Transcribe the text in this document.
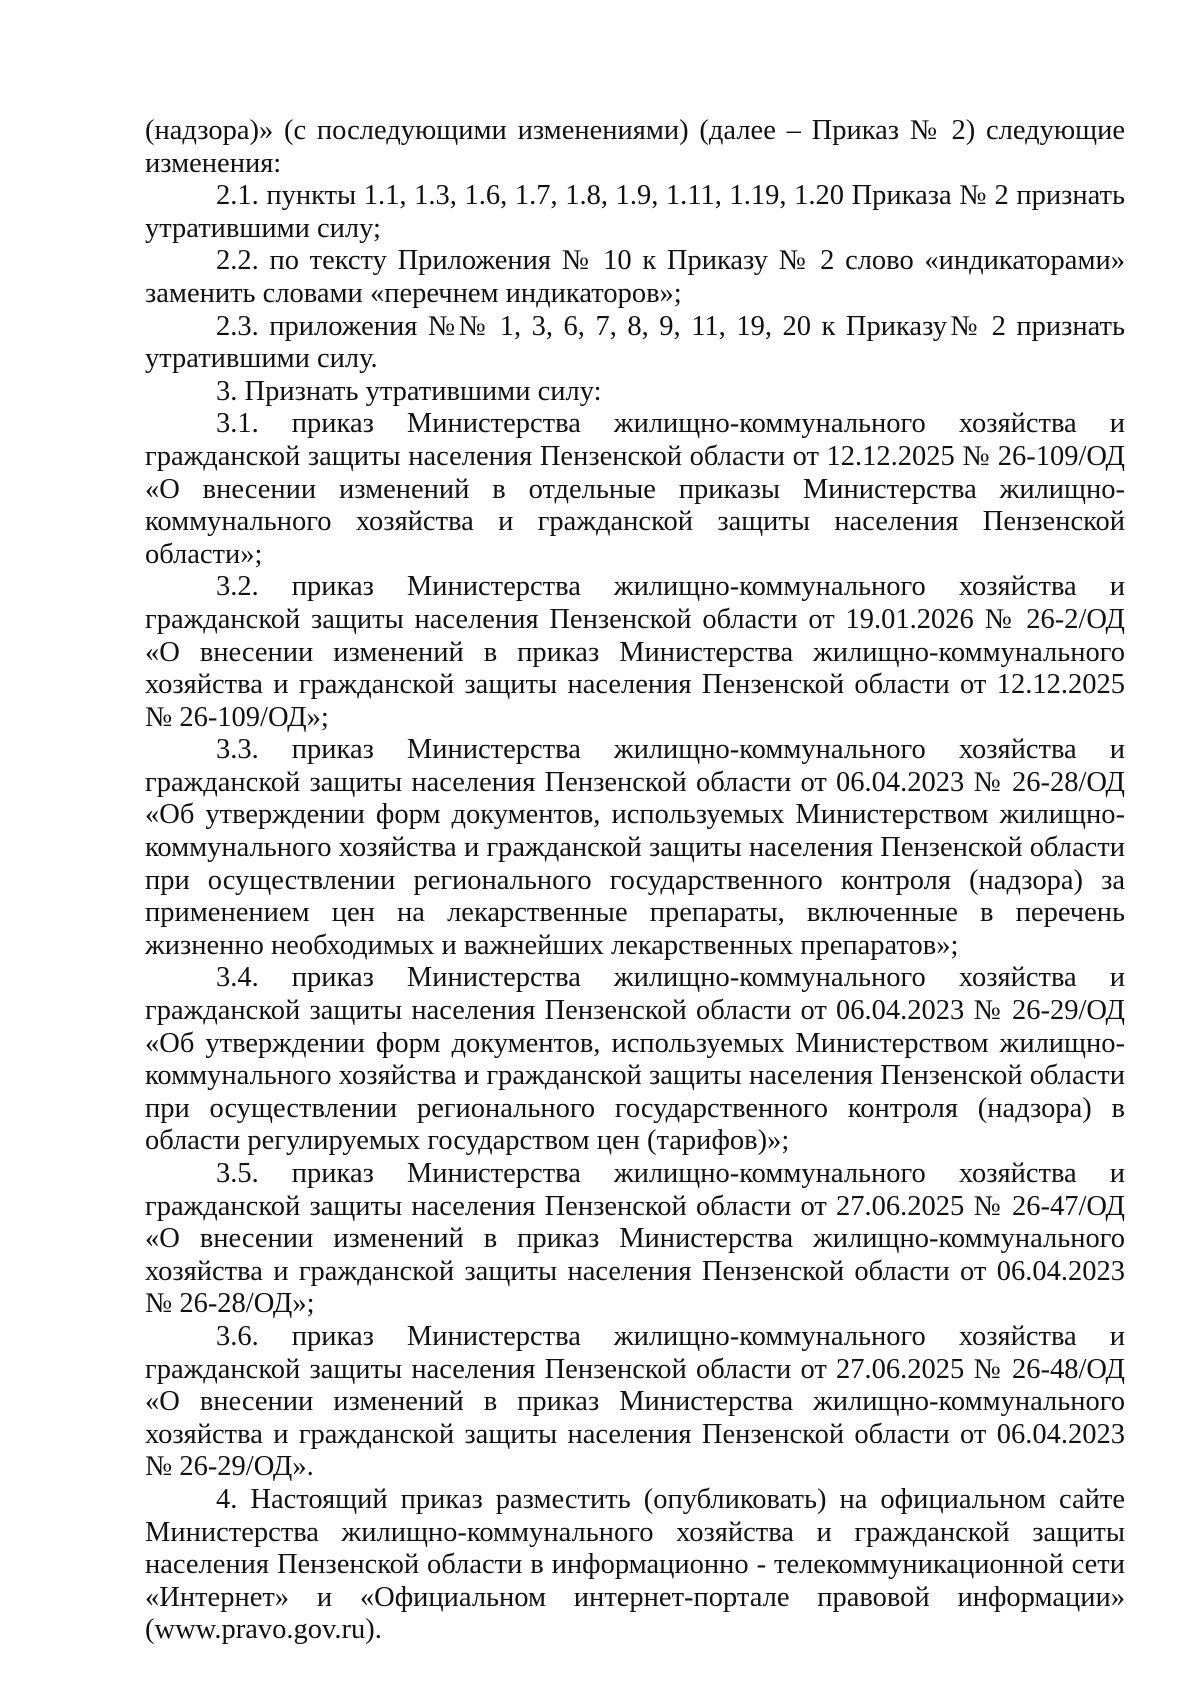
(надзора)» (с последующими изменениями) (далее – Приказ № 2) следующие изменения:

2.1. пункты 1.1, 1.3, 1.6, 1.7, 1.8, 1.9, 1.11, 1.19, 1.20 Приказа № 2 признать утратившими силу;

2.2. по тексту Приложения № 10 к Приказу № 2 слово «индикаторами» заменить словами «перечнем индикаторов»;

2.3. приложения №№ 1, 3, 6, 7, 8, 9, 11, 19, 20 к Приказу№ 2 признать утратившими силу.

3. Признать утратившими силу:

3.1. приказ Министерства жилищно-коммунального хозяйства и гражданской защиты населения Пензенской области от 12.12.2025 № 26-109/ОД «О внесении изменений в отдельные приказы Министерства жилищно-коммунального хозяйства и гражданской защиты населения Пензенской области»;

3.2. приказ Министерства жилищно-коммунального хозяйства и гражданской защиты населения Пензенской области от 19.01.2026 № 26-2/ОД «О внесении изменений в приказ Министерства жилищно-коммунального хозяйства и гражданской защиты населения Пензенской области от 12.12.2025 № 26-109/ОД»;

3.3. приказ Министерства жилищно-коммунального хозяйства и гражданской защиты населения Пензенской области от 06.04.2023 № 26-28/ОД «Об утверждении форм документов, используемых Министерством жилищно-коммунального хозяйства и гражданской защиты населения Пензенской области при осуществлении регионального государственного контроля (надзора) за применением цен на лекарственные препараты, включенные в перечень жизненно необходимых и важнейших лекарственных препаратов»;

3.4. приказ Министерства жилищно-коммунального хозяйства и гражданской защиты населения Пензенской области от 06.04.2023 № 26-29/ОД «Об утверждении форм документов, используемых Министерством жилищно-коммунального хозяйства и гражданской защиты населения Пензенской области при осуществлении регионального государственного контроля (надзора) в области регулируемых государством цен (тарифов)»;

3.5. приказ Министерства жилищно-коммунального хозяйства и гражданской защиты населения Пензенской области от 27.06.2025 № 26-47/ОД «О внесении изменений в приказ Министерства жилищно-коммунального хозяйства и гражданской защиты населения Пензенской области от 06.04.2023 № 26-28/ОД»;

3.6. приказ Министерства жилищно-коммунального хозяйства и гражданской защиты населения Пензенской области от 27.06.2025 № 26-48/ОД «О внесении изменений в приказ Министерства жилищно-коммунального хозяйства и гражданской защиты населения Пензенской области от 06.04.2023 № 26-29/ОД».

4. Настоящий приказ разместить (опубликовать) на официальном сайте Министерства жилищно-коммунального хозяйства и гражданской защиты населения Пензенской области в информационно - телекоммуникационной сети «Интернет» и «Официальном интернет-портале правовой информации» (www.pravo.gov.ru).
